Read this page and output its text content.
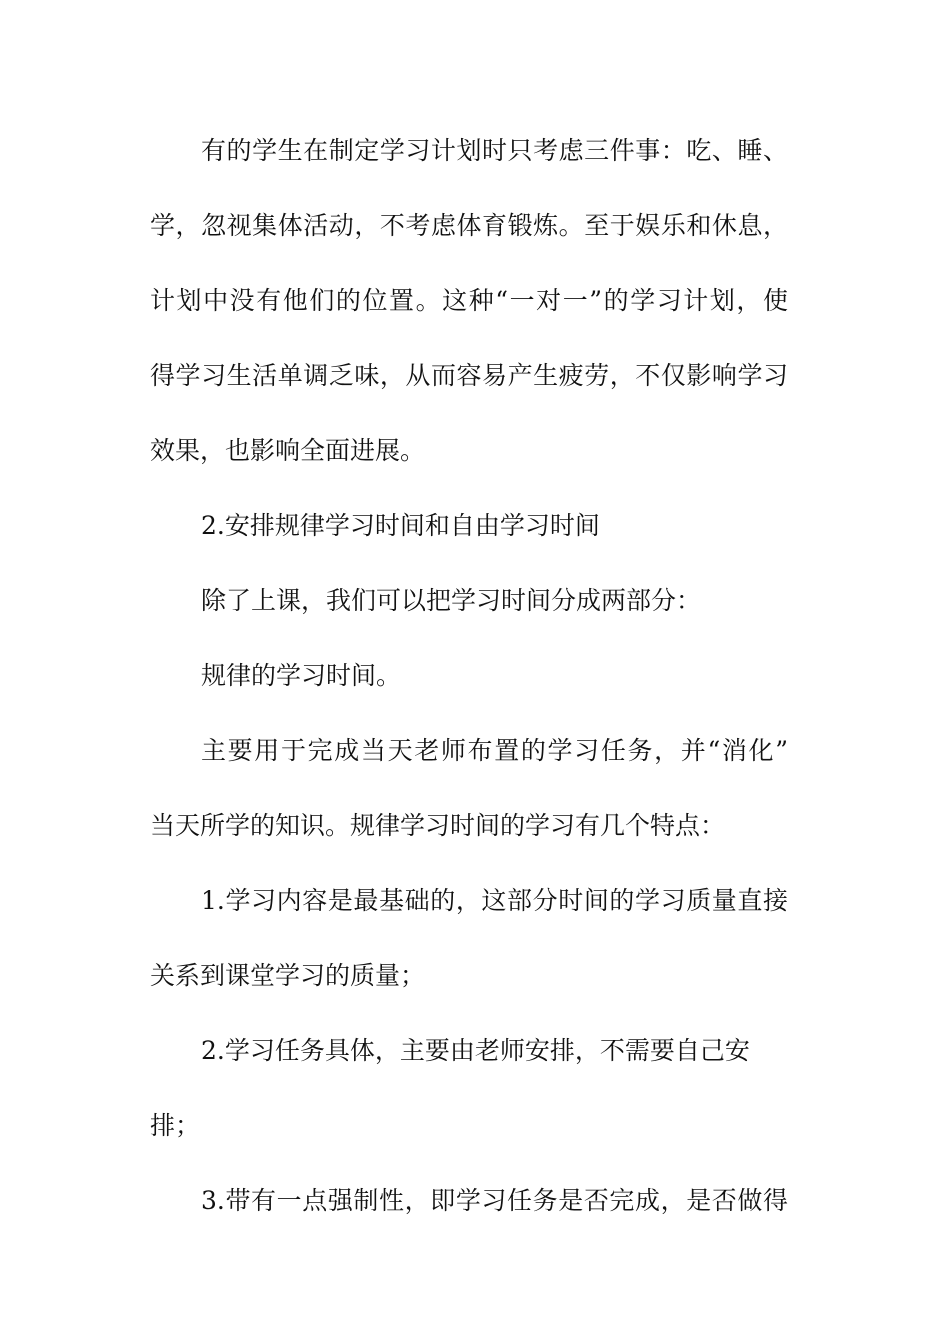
有的学生在制定学习计划时只考虑三件事：吃、睡、
学，忽视集体活动，不考虑体育锻炼。至于娱乐和休息，
计划中没有他们的位置。这种“一对一”的学习计划，使
得学习生活单调乏味，从而容易产生疲劳，不仅影响学习
效果，也影响全面进展。
2.安排规律学习时间和自由学习时间
除了上课，我们可以把学习时间分成两部分：
规律的学习时间。
主要用于完成当天老师布置的学习任务，并“消化”
当天所学的知识。规律学习时间的学习有几个特点：
1.学习内容是最基础的，这部分时间的学习质量直接
关系到课堂学习的质量；
2.学习任务具体，主要由老师安排，不需要自己安
排；
3.带有一点强制性，即学习任务是否完成，是否做得
